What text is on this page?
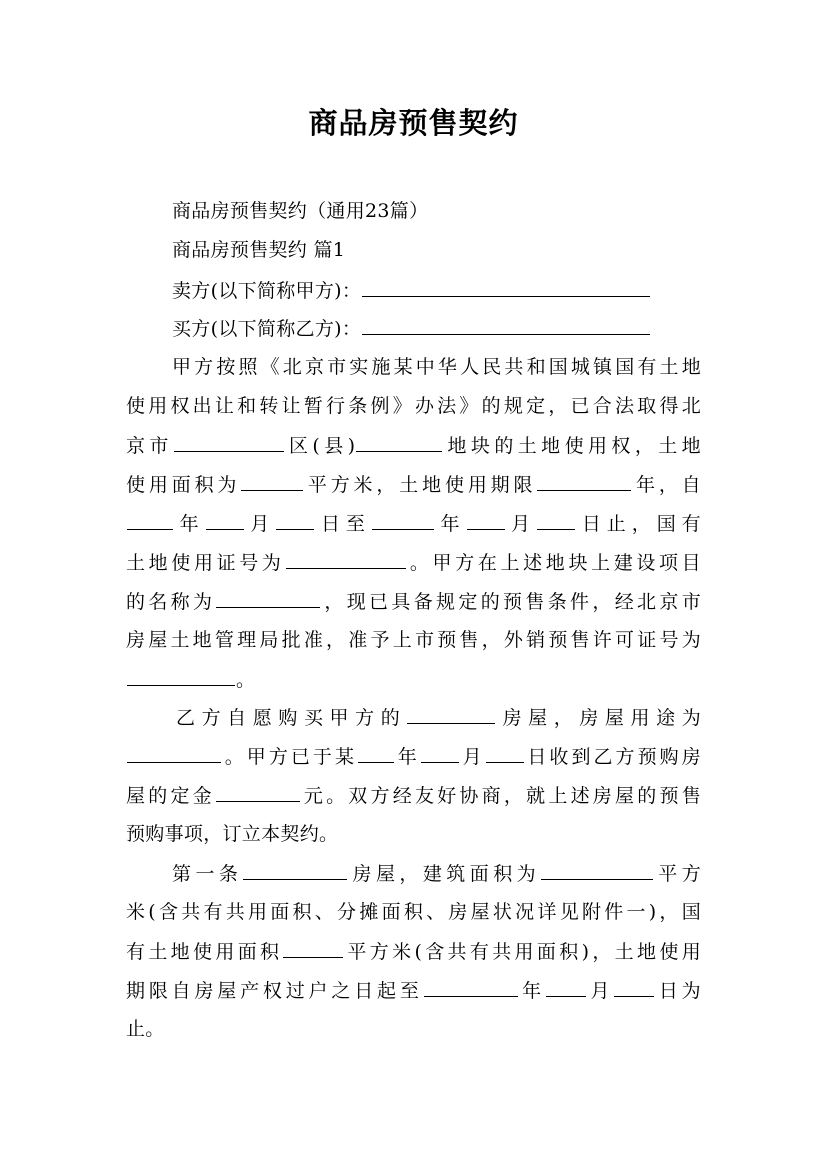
商品房预售契约
商品房预售契约（通用23篇）
商品房预售契约 篇1
卖方(以下简称甲方)：
买方(以下简称乙方)：
甲方按照《北京市实施某中华人民共和国城镇国有土地
使用权出让和转让暂行条例》办法》的规定，已合法取得北
京市	区(县)	地块的土地使用权，土地
使用面积为	平方米，土地使用期限	年，自
年 月 日至	年 月 日止，国有
土地使用证号为	。甲方在上述地块上建设项目
的名称为	，现已具备规定的预售条件，经北京市
房屋土地管理局批准，准予上市预售，外销预售许可证号为
。
乙方自愿购买甲方的	房屋，房屋用途为
。甲方已于某 年 月 日收到乙方预购房
屋的定金	元。双方经友好协商，就上述房屋的预售
预购事项，订立本契约。
第一条	房屋，建筑面积为	平方
米(含共有共用面积、分摊面积、房屋状况详见附件一)，国
有土地使用面积	平方米(含共有共用面积)，土地使用
期限自房屋产权过户之日起至	年 月 日为
止。
